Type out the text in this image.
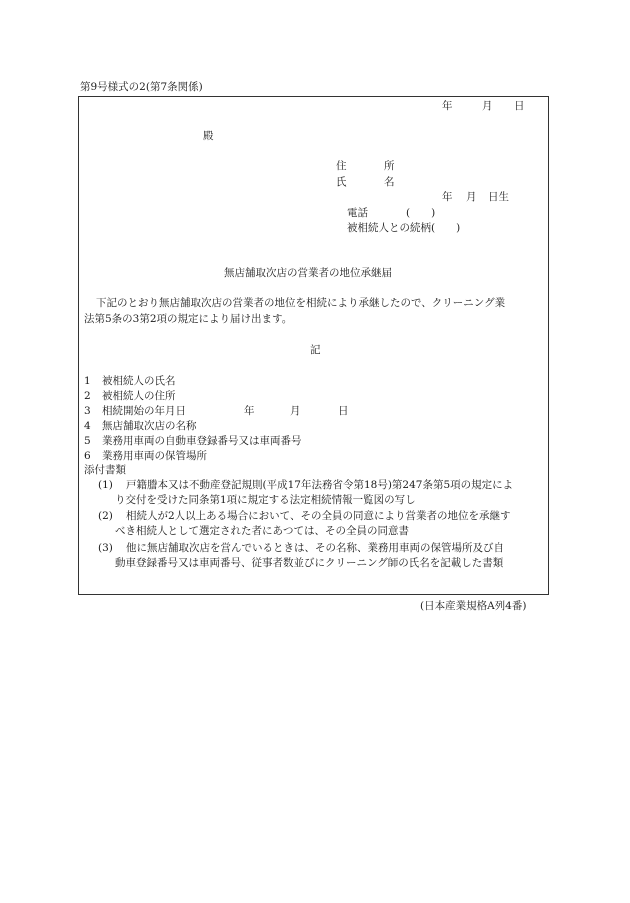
第9号様式の2(第7条関係)
年	月 日
殿
住	所
氏	名
年 月 日生
電話	(　　)
被相続人との続柄(　　)
無店舗取次店の営業者の地位承継届
下記のとおり無店舗取次店の営業者の地位を相続により承継したので、クリーニング業
法第5条の3第2項の規定により届け出ます。
記
1 被相続人の氏名
2 被相続人の住所
3 相続開始の年月日	年	月	日
4 無店舗取次店の名称
5 業務用車両の自動車登録番号又は車両番号
6 業務用車両の保管場所
添付書類
(1) 戸籍謄本又は不動産登記規則(平成17年法務省令第18号)第247条第5項の規定によ
り交付を受けた同条第1項に規定する法定相続情報一覧図の写し
(2) 相続人が2人以上ある場合において、その全員の同意により営業者の地位を承継す
べき相続人として選定された者にあつては、その全員の同意書
(3) 他に無店舗取次店を営んでいるときは、その名称、業務用車両の保管場所及び自
動車登録番号又は車両番号、従事者数並びにクリーニング師の氏名を記載した書類
(日本産業規格A列4番)
